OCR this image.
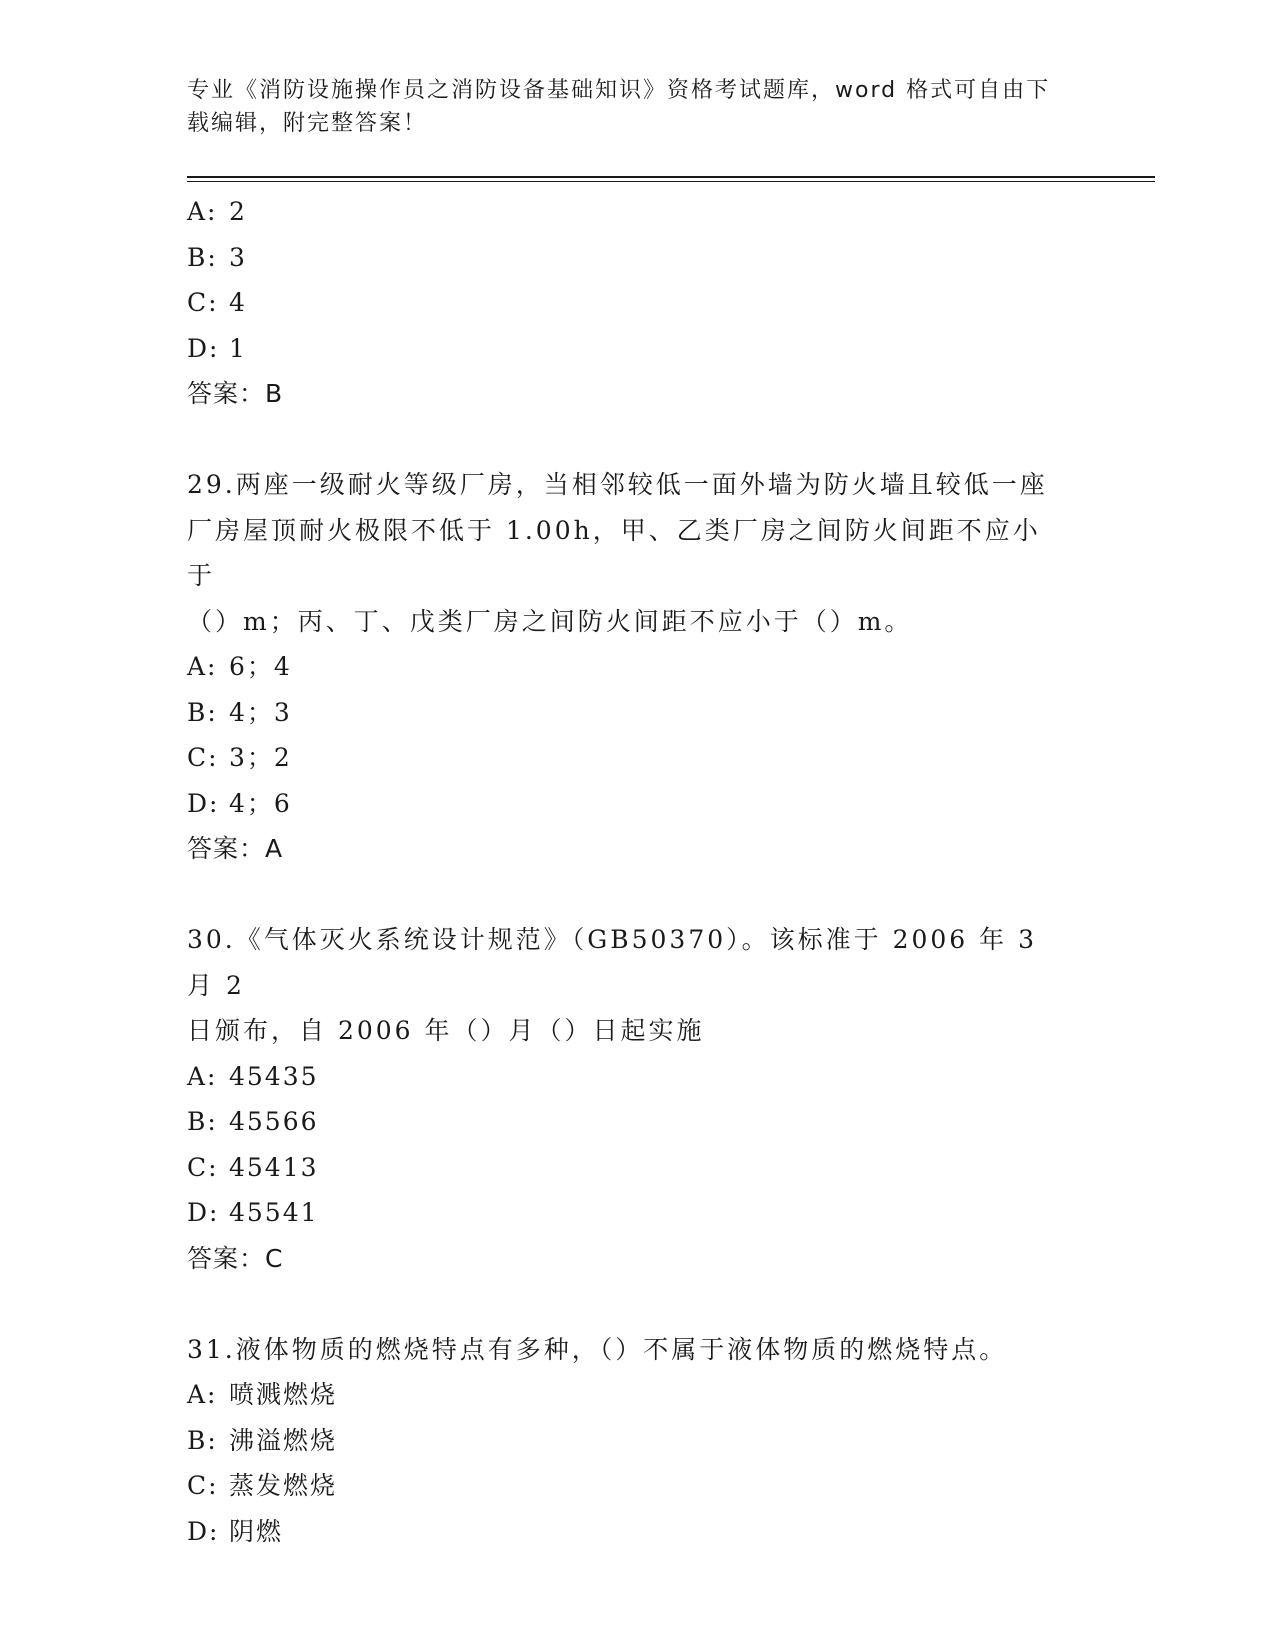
专业《消防设施操作员之消防设备基础知识》资格考试题库，word 格式可自由下
载编辑，附完整答案！
A: 2
B: 3
C: 4
D: 1
答案：B
29.两座一级耐火等级厂房，当相邻较低一面外墙为防火墙且较低一座
厂房屋顶耐火极限不低于 1.00h，甲、乙类厂房之间防火间距不应小于
（）m；丙、丁、戊类厂房之间防火间距不应小于（）m。
A: 6；4
B: 4；3
C: 3；2
D: 4；6
答案：A
30.《气体灭火系统设计规范》（GB50370）。该标准于 2006 年 3 月 2
日颁布，自 2006 年（）月（）日起实施
A: 45435
B: 45566
C: 45413
D: 45541
答案：C
31.液体物质的燃烧特点有多种，（）不属于液体物质的燃烧特点。
A: 喷溅燃烧
B: 沸溢燃烧
C: 蒸发燃烧
D: 阴燃
